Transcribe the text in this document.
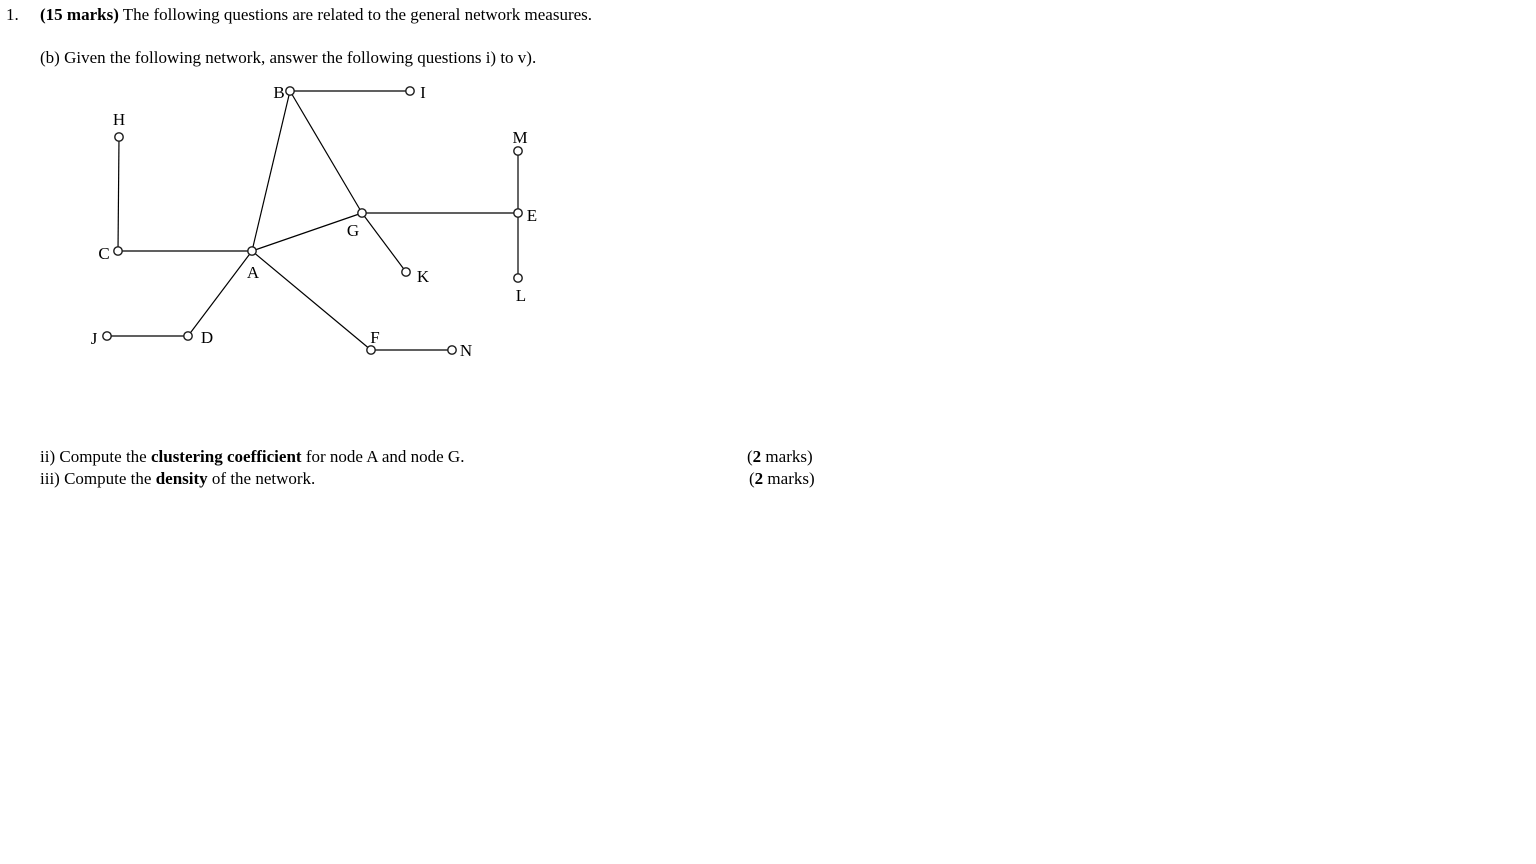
1. (15 marks) The following questions are related to the general network measures.
(b) Given the following network, answer the following questions i) to v).
A
B
C
D
E
F
G
H
I
J
K
L
M
N
ii) Compute the clustering coefficient for node A and node G.	(2 marks)
iii) Compute the density of the network.	(2 marks)
